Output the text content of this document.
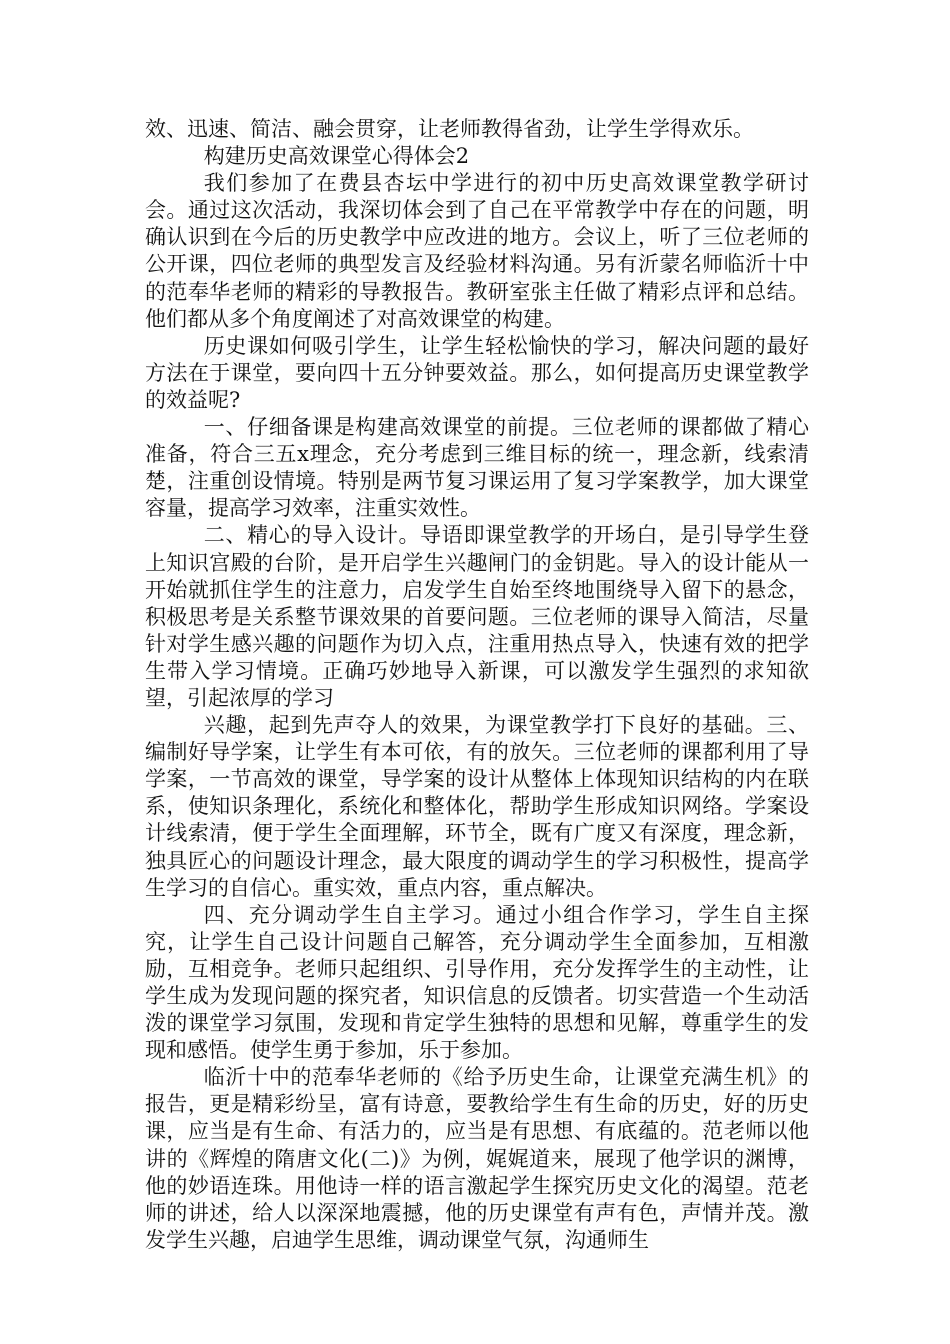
效、迅速、简洁、融会贯穿，让老师教得省劲，让学生学得欢乐。

构建历史高效课堂心得体会2

我们参加了在费县杏坛中学进行的初中历史高效课堂教学研讨会。通过这次活动，我深切体会到了自己在平常教学中存在的问题，明确认识到在今后的历史教学中应改进的地方。会议上，听了三位老师的公开课，四位老师的典型发言及经验材料沟通。另有沂蒙名师临沂十中的范奉华老师的精彩的导教报告。教研室张主任做了精彩点评和总结。他们都从多个角度阐述了对高效课堂的构建。

历史课如何吸引学生，让学生轻松愉快的学习，解决问题的最好方法在于课堂，要向四十五分钟要效益。那么，如何提高历史课堂教学的效益呢?

一、仔细备课是构建高效课堂的前提。三位老师的课都做了精心准备，符合三五x理念，充分考虑到三维目标的统一，理念新，线索清楚，注重创设情境。特别是两节复习课运用了复习学案教学，加大课堂容量，提高学习效率，注重实效性。

二、精心的导入设计。导语即课堂教学的开场白，是引导学生登上知识宫殿的台阶，是开启学生兴趣闸门的金钥匙。导入的设计能从一开始就抓住学生的注意力，启发学生自始至终地围绕导入留下的悬念，积极思考是关系整节课效果的首要问题。三位老师的课导入简洁，尽量针对学生感兴趣的问题作为切入点，注重用热点导入，快速有效的把学生带入学习情境。正确巧妙地导入新课，可以激发学生强烈的求知欲望，引起浓厚的学习

兴趣，起到先声夺人的效果，为课堂教学打下良好的基础。三、编制好导学案，让学生有本可依，有的放矢。三位老师的课都利用了导学案，一节高效的课堂，导学案的设计从整体上体现知识结构的内在联系，使知识条理化，系统化和整体化，帮助学生形成知识网络。学案设计线索清，便于学生全面理解，环节全，既有广度又有深度，理念新，独具匠心的问题设计理念，最大限度的调动学生的学习积极性，提高学生学习的自信心。重实效，重点内容，重点解决。

四、充分调动学生自主学习。通过小组合作学习，学生自主探究，让学生自己设计问题自己解答，充分调动学生全面参加，互相激励，互相竞争。老师只起组织、引导作用，充分发挥学生的主动性，让学生成为发现问题的探究者，知识信息的反馈者。切实营造一个生动活泼的课堂学习氛围，发现和肯定学生独特的思想和见解，尊重学生的发现和感悟。使学生勇于参加，乐于参加。

临沂十中的范奉华老师的《给予历史生命，让课堂充满生机》的报告，更是精彩纷呈，富有诗意，要教给学生有生命的历史，好的历史课，应当是有生命、有活力的，应当是有思想、有底蕴的。范老师以他讲的《辉煌的隋唐文化(二)》为例，娓娓道来，展现了他学识的渊博，他的妙语连珠。用他诗一样的语言激起学生探究历史文化的渴望。范老师的讲述，给人以深深地震撼，他的历史课堂有声有色，声情并茂。激发学生兴趣，启迪学生思维，调动课堂气氛，沟通师生
